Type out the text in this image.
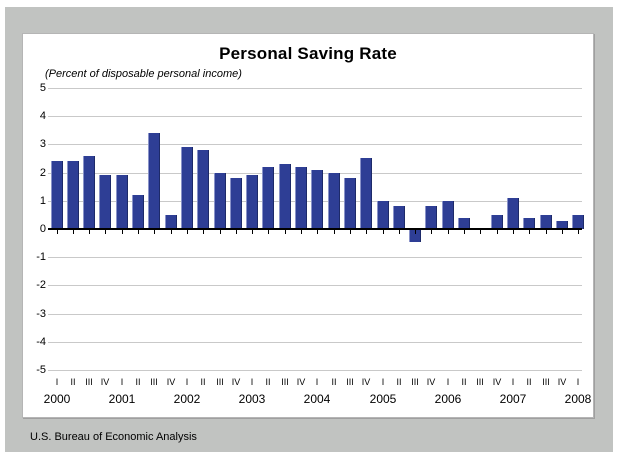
Personal Saving Rate
(Percent of disposable personal income)
5
4
3
2
1
0
-1
-2
-3
-4
-5
I	II	III IV	I	II	III IV	I	II	III IV	I	II	III IV	I	II	III IV	I	II	III IV	I	II	III IV	I	II	III IV	I
2000	2001	2002	2003	2004	2005	2006	2007	2008
U.S. Bureau of Economic Analysis
